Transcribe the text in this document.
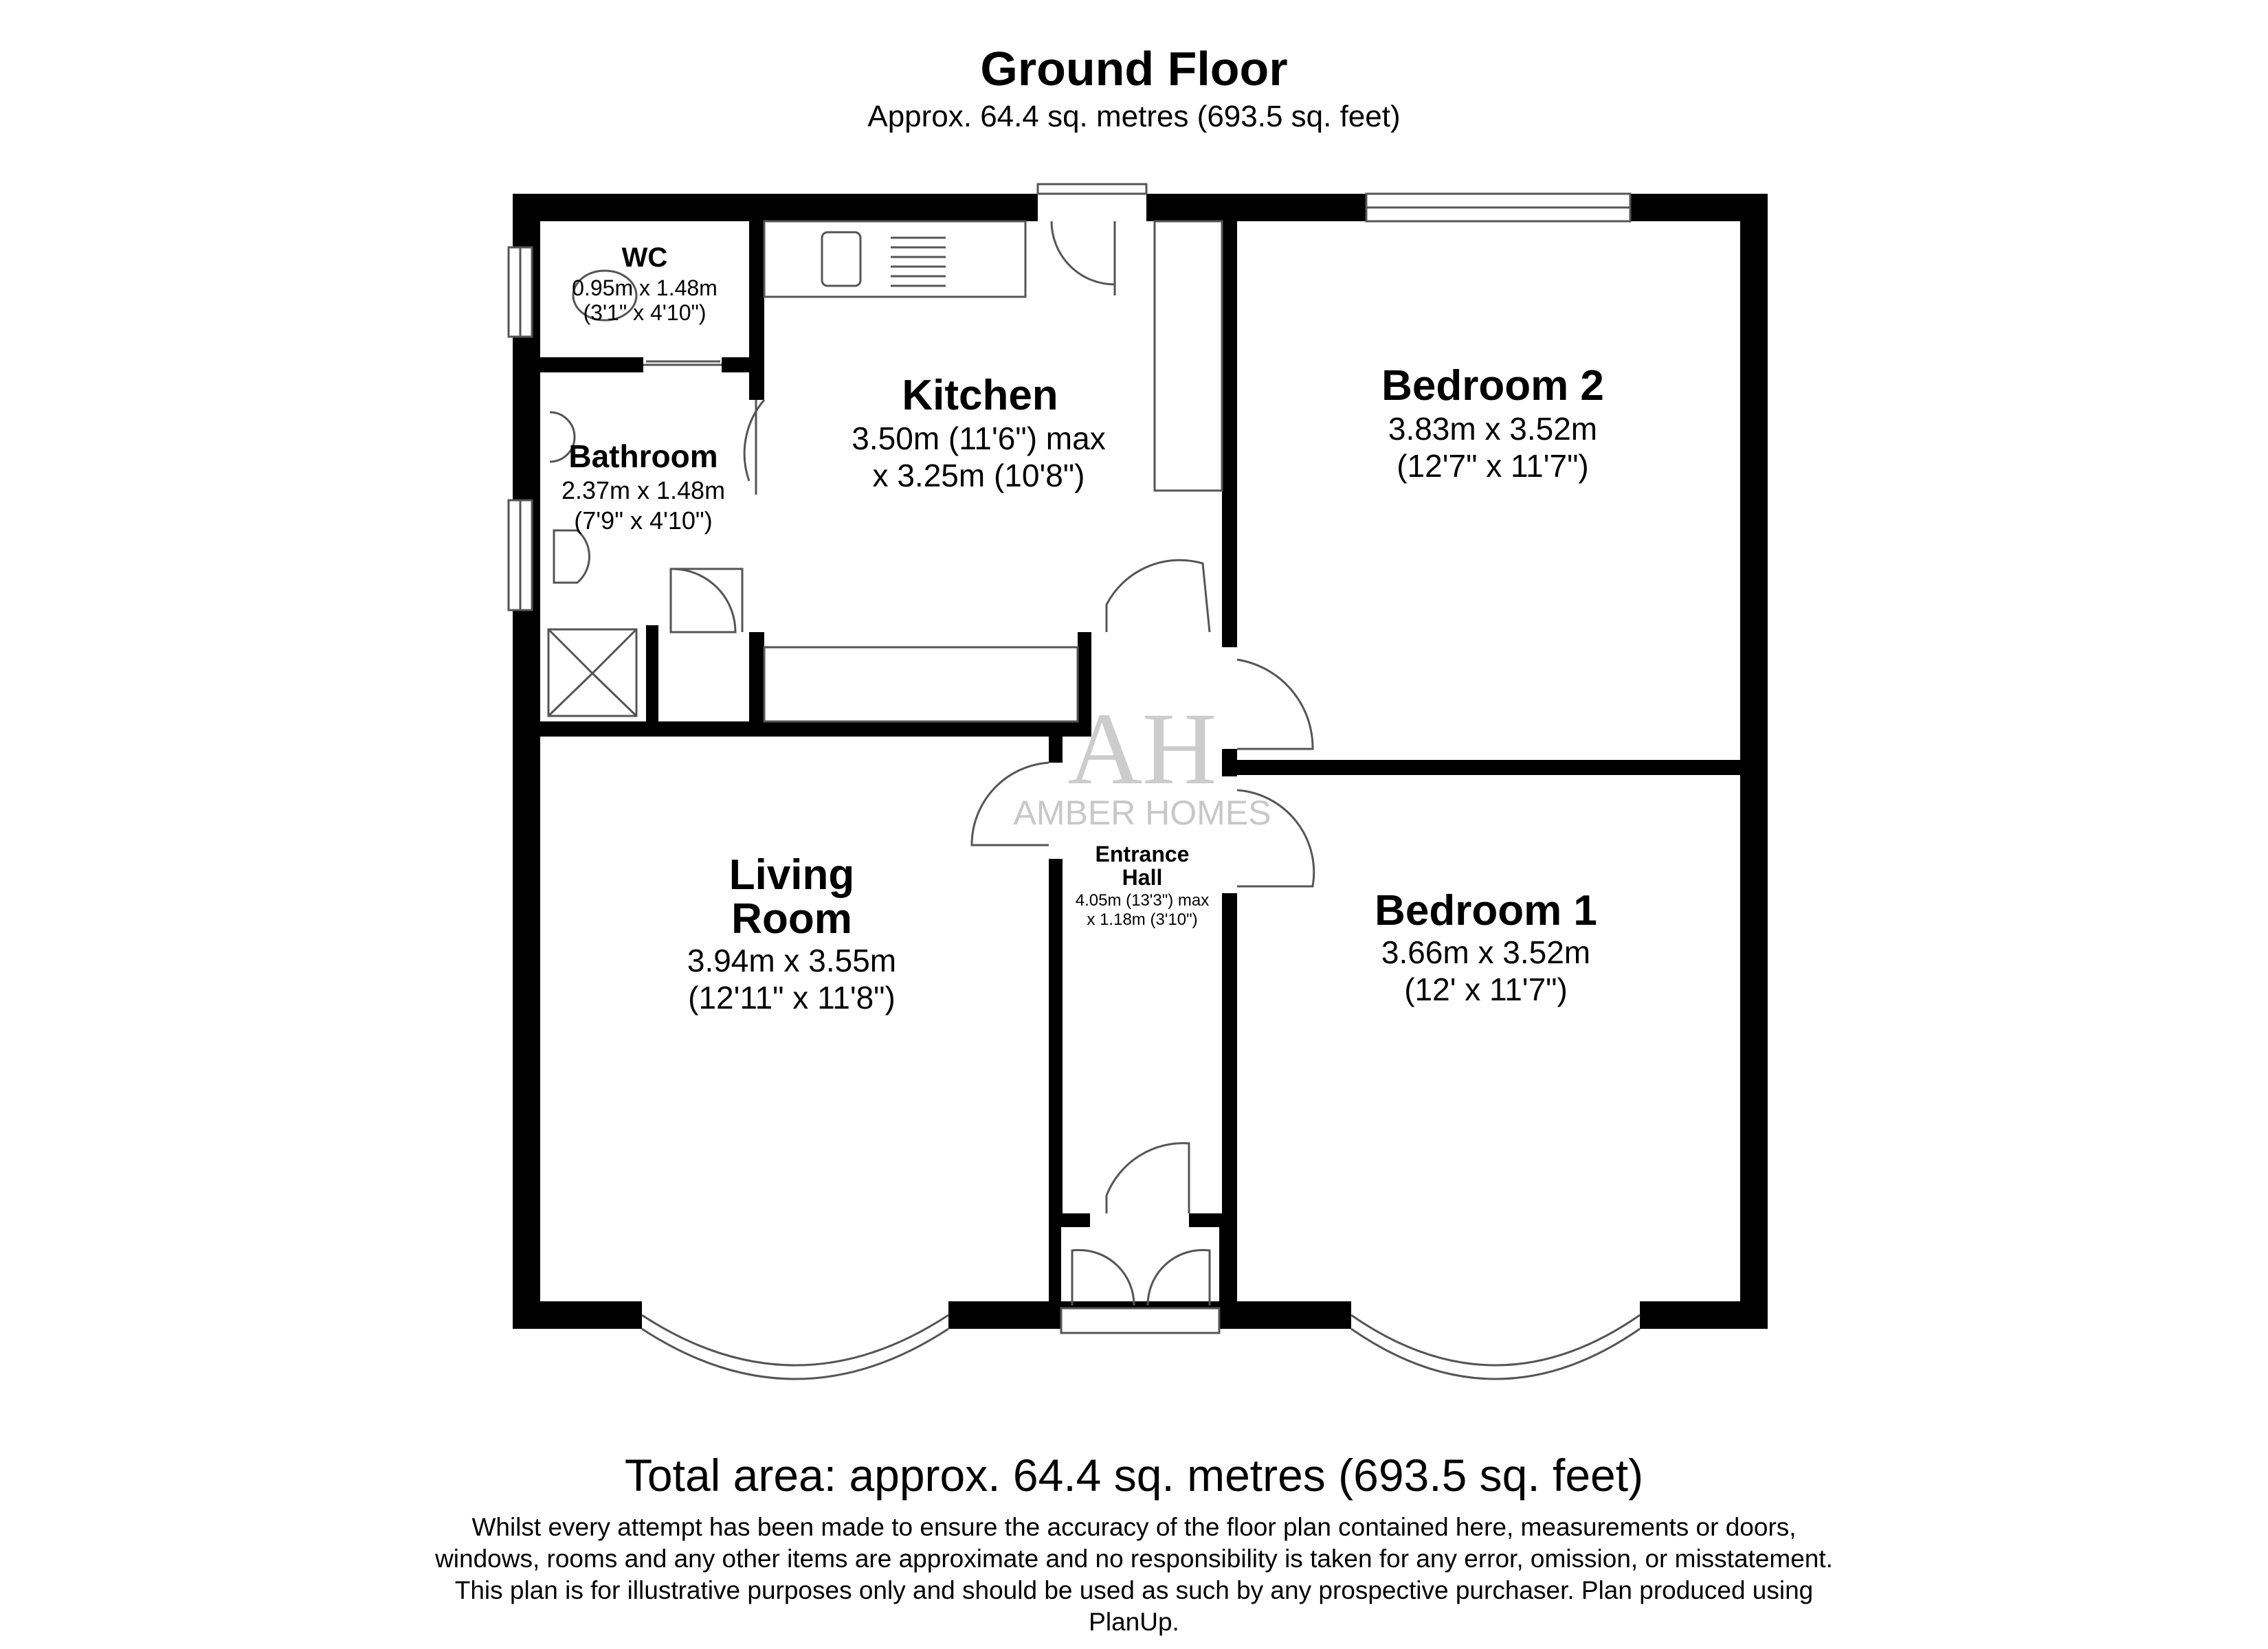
Ground Floor
Approx. 64.4 sq. metres (693.5 sq. feet)
AH
AMBER HOMES
WC
0.95m x 1.48m
(3'1" x 4'10")
Bathroom
2.37m x 1.48m
(7'9" x 4'10")
Kitchen
3.50m (11'6") max
x 3.25m (10'8")
Bedroom 2
3.83m x 3.52m
(12'7" x 11'7")
Living
Room
3.94m x 3.55m
(12'11" x 11'8")
Entrance
Hall
4.05m (13'3") max
x 1.18m (3'10")	Bedroom 1
3.66m x 3.52m
(12' x 11'7")
Total area: approx. 64.4 sq. metres (693.5 sq. feet)
Whilst every attempt has been made to ensure the accuracy of the floor plan contained here, measurements or doors, windows, rooms and any other items are approximate and no responsibility is taken for any error, omission, or misstatement. This plan is for illustrative purposes only and should be used as such by any prospective purchaser. Plan produced using PlanUp.
